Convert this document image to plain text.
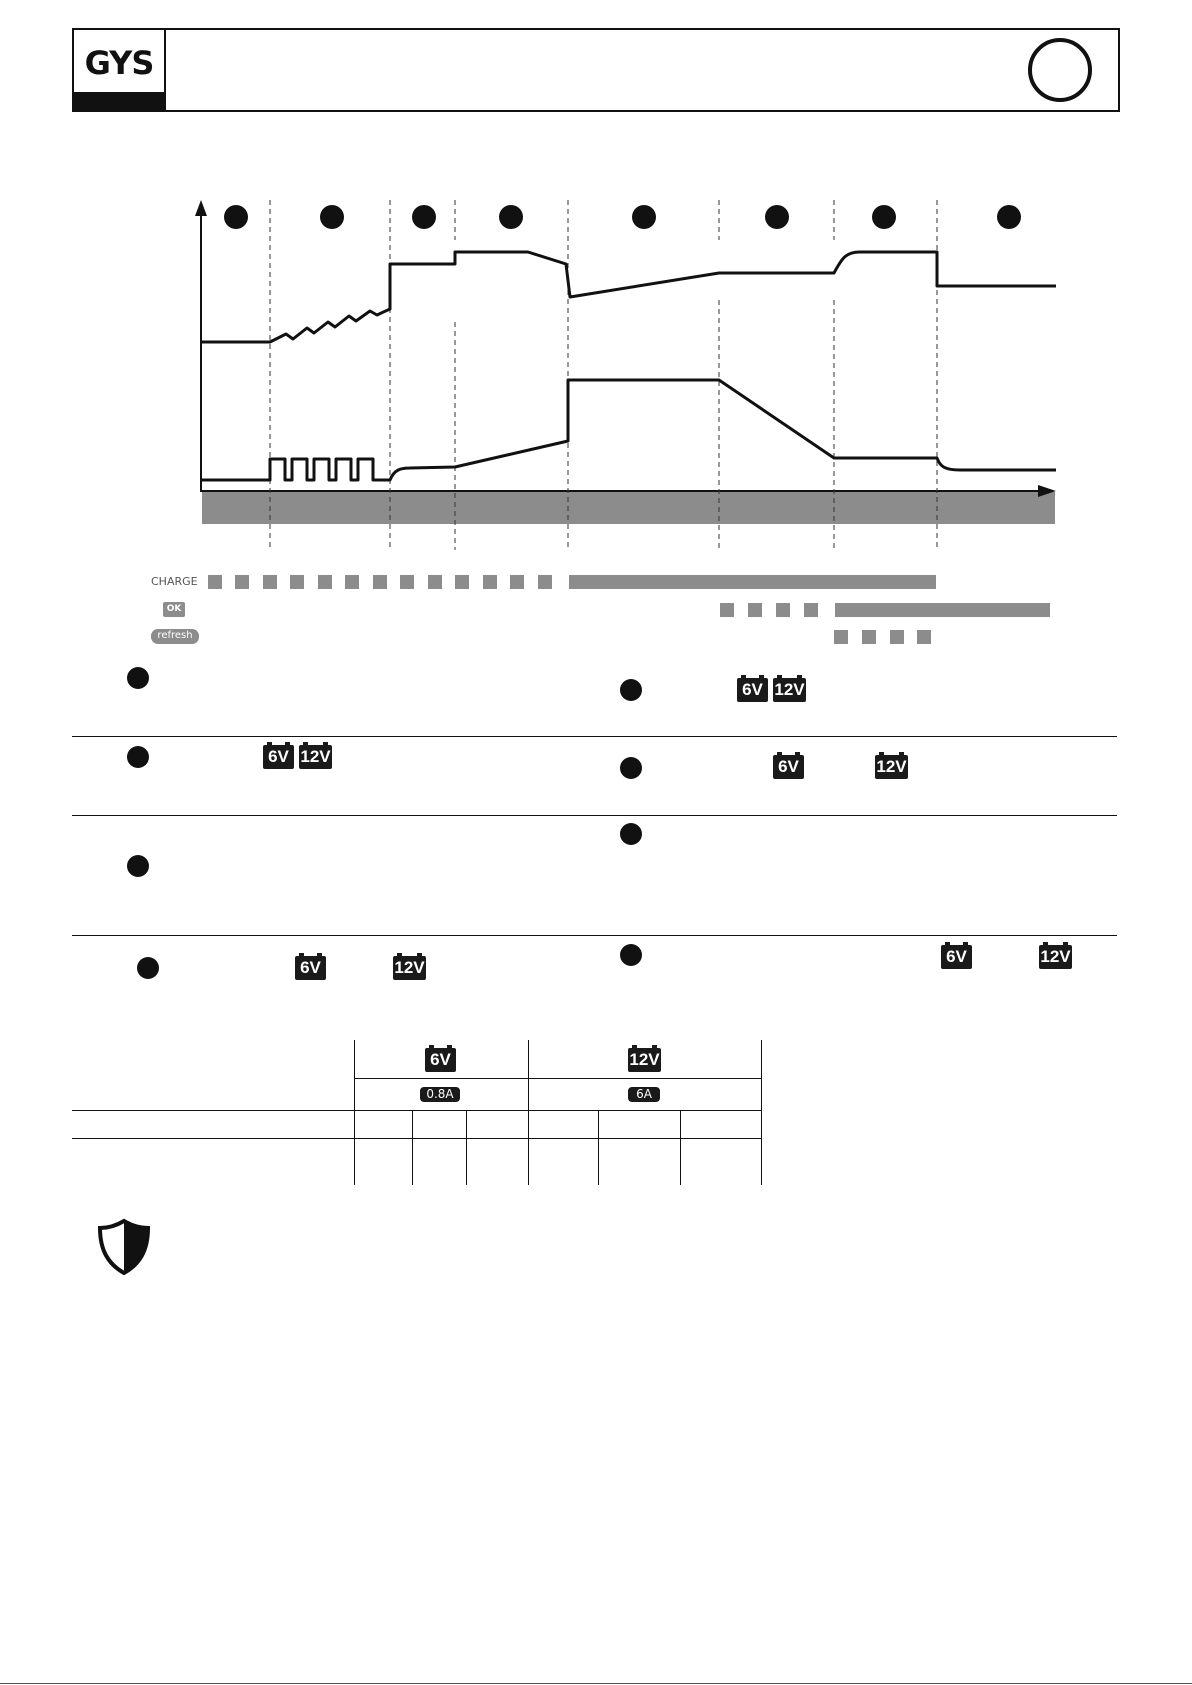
GYS
CHARGE
OK
refresh
6V 12V
6V	12V
6V 12V
6V	12V
6V	12V
6V	12V
0.8A	6A
